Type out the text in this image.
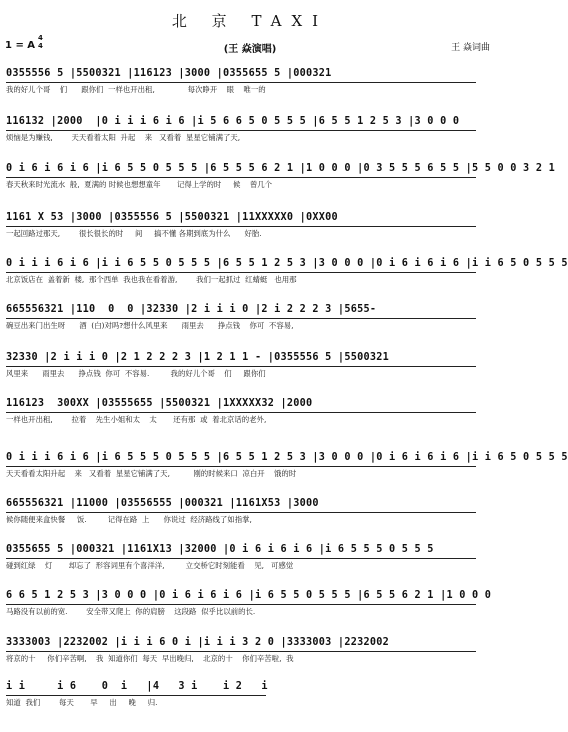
北 京 TAXI
1 = A
4
4	(王 焱演唱)	王 焱词曲
0355556 5 |5500321 |116123 |3000 |0355655 5 |000321
我的好儿个哥    们      跟你们  一样也开出租,              每次睁开    眼    唯一的
116132 |2000  |0 i i i 6 i 6 |i 5 6 6 5 0 5 5 5 |6 5 5 1 2 5 3 |3 0 0 0
烦恼是为赚钱,        天天看着太阳  升起    来   又看着  星星它铺满了天,
0 i 6 i 6 i 6 |i 6 5 5 0 5 5 5 |6 5 5 5 6 2 1 |1 0 0 0 |0 3 5 5 5 6 5 5 |5 5 0 0 3 2 1
春天秋来时光流水  般,  夏满的 时候也想想童年       记得上学的时     候    曾几个
1161 X 53 |3000 |0355556 5 |5500321 |11XXXXX0 |0XX00
一起回路过那天,        很长很长的时     间     搞不懂 各期到底为什么      好胎.
0 i i i 6 i 6 |i i 6 5 5 0 5 5 5 |6 5 5 1 2 5 3 |3 0 0 0 |0 i 6 i 6 i 6 |i i 6 5 0 5 5 5
北京饭店在  盖着新  楼,  那个西单  我也我在看着游,        我们一起抓过  红蜻蜓   也用那
665556321 |110  0  0 |32330 |2 i i i 0 |2 i 2 2 2 3 |5655-
碗豆出来门出生呀      酒  (白)对吗?想什么风里来      雨里去      挣点钱    你可  不容易,
32330 |2 i i i 0 |2 1 2 2 2 3 |1 2 1 1 - |0355556 5 |5500321
风里来      雨里去      挣点钱  你可  不容易.         我的好儿个哥    们     跟你们
116123  300XX |03555655 |5500321 |1XXXXX32 |2000
一样也开出租,        拉着    先生小姐和太    太       还有那  或  着北京话的老外,
0 i i i 6 i 6 |i 6 5 5 5 0 5 5 5 |6 5 5 1 2 5 3 |3 0 0 0 |0 i 6 i 6 i 6 |i i 6 5 0 5 5 5
天天看看太阳升起    来   又看着  星星它铺满了天,          刚的时候来口  凉白开    饿的时
665556321 |11000 |03556555 |000321 |1161X53 |3000
候你随便来盒快餐     饭.         记得在路  上      你说过  经济路线了如指掌,
0355655 5 |000321 |1161X13 |32000 |0 i 6 i 6 i 6 |i 6 5 5 5 0 5 5 5
碰到红绿    灯       却忘了  形容词里有个喜洋洋,         立交桥它时刻能看    见,   可感觉
6 6 5 1 2 5 3 |3 0 0 0 |0 i 6 i 6 i 6 |i 6 5 5 0 5 5 5 |6 5 5 6 2 1 |1 0 0 0
马路没有以前的宽.        安全带又爬上  你的肩膀    这段路  似乎比以前的长.
3333003 |2232002 |i i i 6 0 i |i i i 3 2 0 |3333003 |2232002
将京的十     你们辛苦啊,    我  知道你们  每天  早出晚归,    北京的十    你们辛苦啦,  我
i i     i 6    0  i   |4   3 i    i 2   i
知道  我们        每天       早     出     晚     归.
